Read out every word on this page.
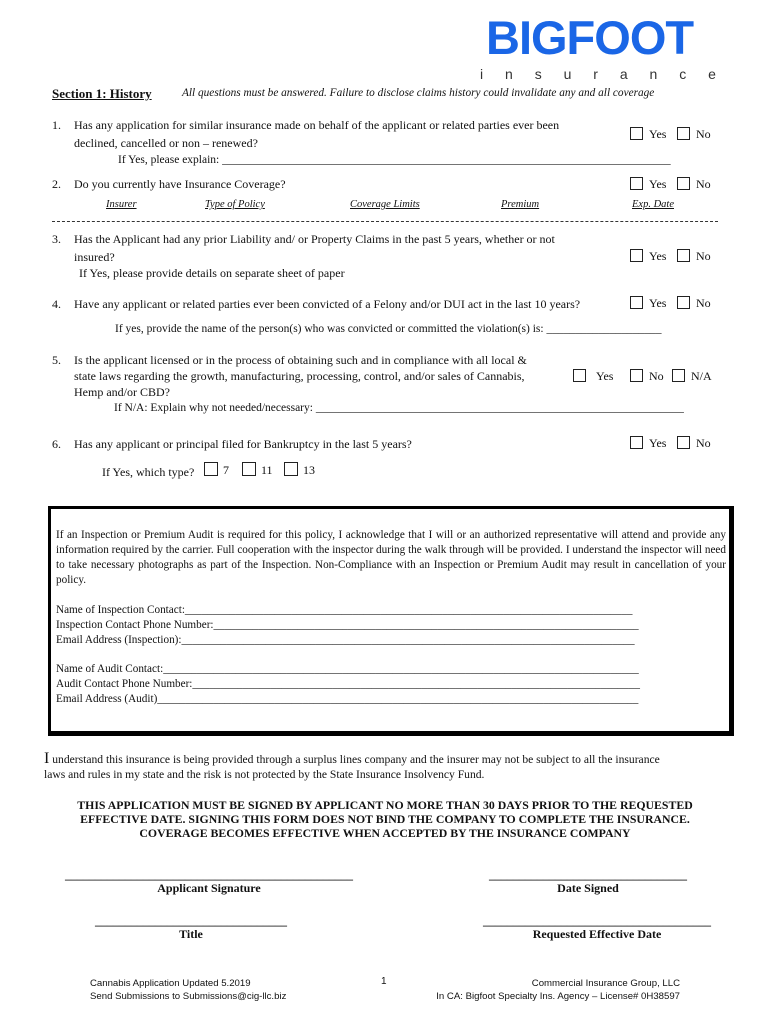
BIGFOOT
i n s u r a n c e
Section 1: History	All questions must be answered. Failure to disclose claims history could invalidate any and all coverage
1. Has any application for similar insurance made on behalf of the applicant or related parties ever been
declined, cancelled or non – renewed?
Yes	No
If Yes, please explain: ______________________________________________________________________________
2. Do you currently have Insurance Coverage?	Yes	No
Insurer	Type of Policy	Coverage Limits	Premium	Exp. Date
3. Has the Applicant had any prior Liability and/ or Property Claims in the past 5 years, whether or not
insured?
If Yes, please provide details on separate sheet of paper
Yes	No
4. Have any applicant or related parties ever been convicted of a Felony and/or DUI act in the last 10 years?	Yes	No
If yes, provide the name of the person(s) who was convicted or committed the violation(s) is: ____________________
5. Is the applicant licensed or in the process of obtaining such and in compliance with all local &
state laws regarding the growth, manufacturing, processing, control, and/or sales of Cannabis,
Hemp and/or CBD?
Yes	No	N/A
If N/A: Explain why not needed/necessary: ________________________________________________________________
6. Has any applicant or principal filed for Bankruptcy in the last 5 years?	Yes	No
If Yes, which type?	7	11	13
If an Inspection or Premium Audit is required for this policy, I acknowledge that I will or an authorized representative will attend and provide any information required by the carrier. Full cooperation with the inspector during the walk through will be provided. I understand the inspector will need to take necessary photographs as part of the Inspection. Non-Compliance with an Inspection or Premium Audit may result in cancellation of your policy.
Name of Inspection Contact:________________________________________________________________________________
Inspection Contact Phone Number:____________________________________________________________________________
Email Address (Inspection):_________________________________________________________________________________
Name of Audit Contact:_____________________________________________________________________________________
Audit Contact Phone Number:________________________________________________________________________________
Email Address (Audit)______________________________________________________________________________________
I understand this insurance is being provided through a surplus lines company and the insurer may not be subject to all the insurance
laws and rules in my state and the risk is not protected by the State Insurance Insolvency Fund.
THIS APPLICATION MUST BE SIGNED BY APPLICANT NO MORE THAN 30 DAYS PRIOR TO THE REQUESTED
EFFECTIVE DATE. SIGNING THIS FORM DOES NOT BIND THE COMPANY TO COMPLETE THE INSURANCE.
COVERAGE BECOMES EFFECTIVE WHEN ACCEPTED BY THE INSURANCE COMPANY
________________________________________________
Applicant Signature
_________________________________
Date Signed
________________________________
Title
______________________________________
Requested Effective Date
Cannabis Application Updated 5.2019
Send Submissions to Submissions@cig-llc.biz
1	Commercial Insurance Group, LLC
In CA: Bigfoot Specialty Ins. Agency – License# 0H38597
